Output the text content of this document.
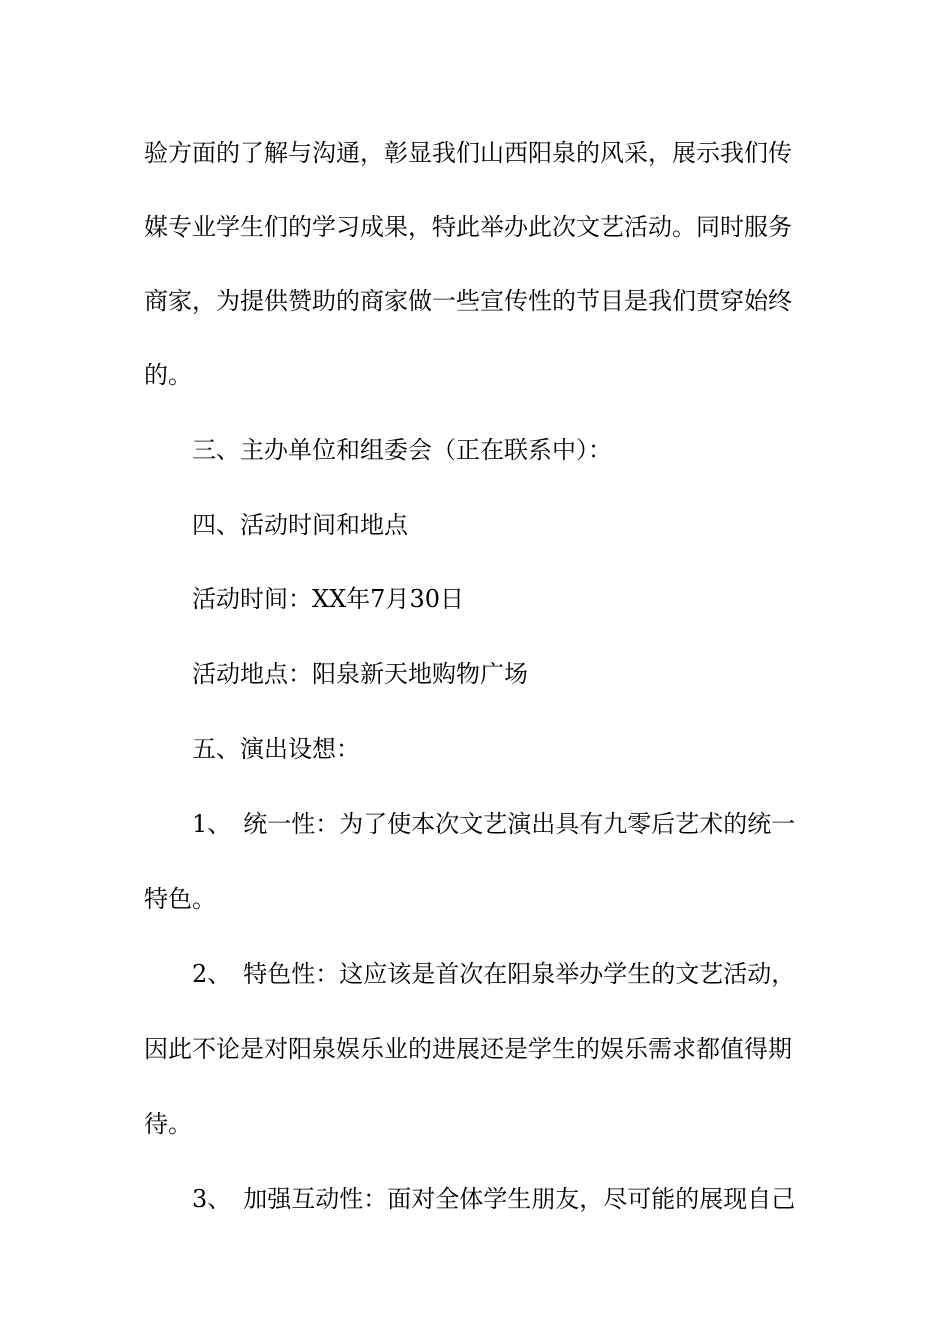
验方面的了解与沟通，彰显我们山西阳泉的风采，展示我们传
媒专业学生们的学习成果，特此举办此次文艺活动。同时服务
商家，为提供赞助的商家做一些宣传性的节目是我们贯穿始终
的。
三、主办单位和组委会（正在联系中）：
四、活动时间和地点
活动时间：XX年7月30日
活动地点：阳泉新天地购物广场
五、演出设想：
1、　统一性：为了使本次文艺演出具有九零后艺术的统一
特色。
2、　特色性：这应该是首次在阳泉举办学生的文艺活动，
因此不论是对阳泉娱乐业的进展还是学生的娱乐需求都值得期
待。
3、　加强互动性：面对全体学生朋友，尽可能的展现自己
